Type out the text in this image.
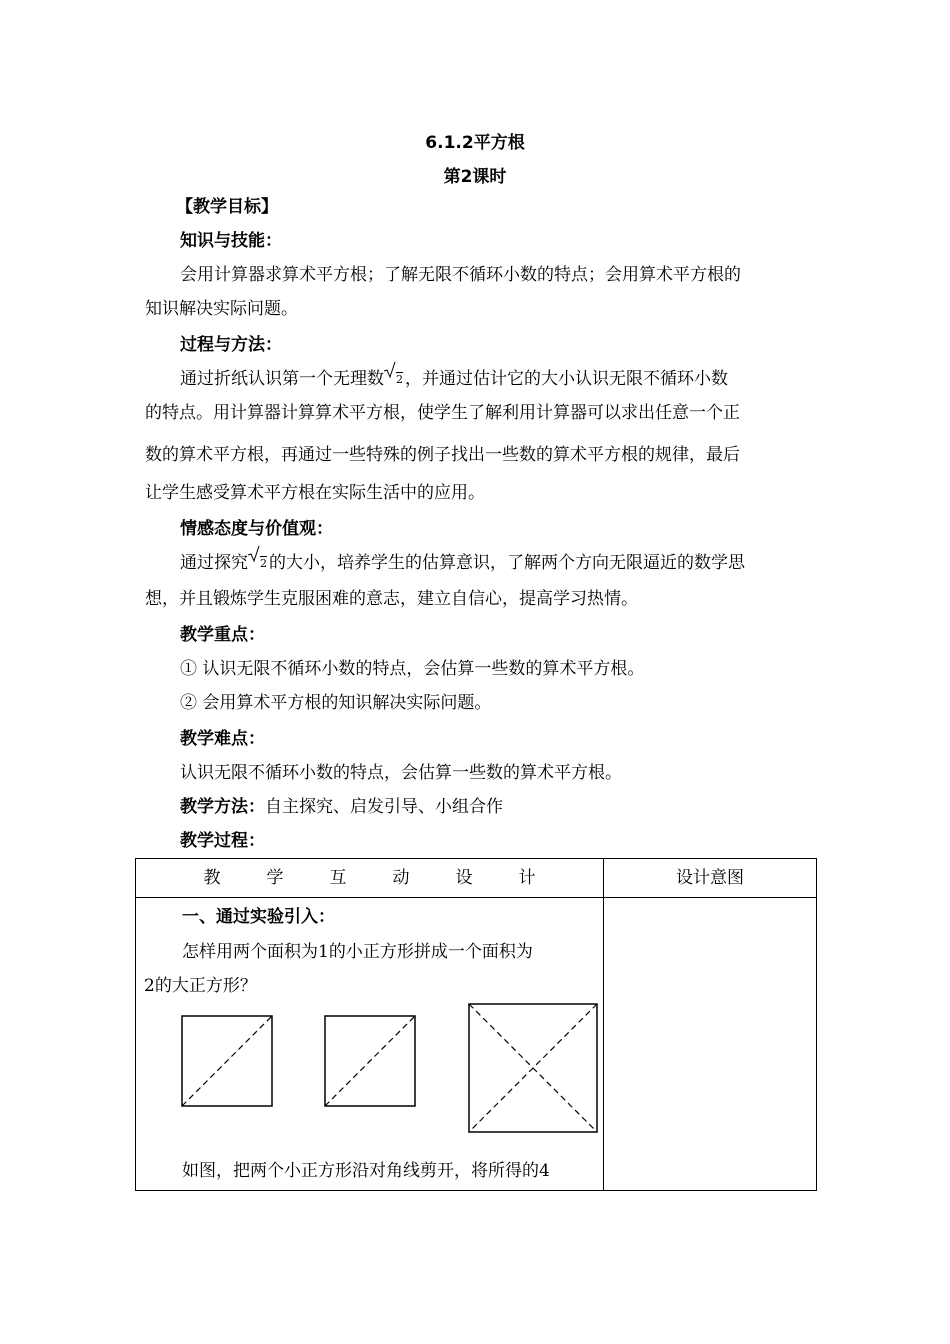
6.1.2平方根
第2课时
【教学目标】
知识与技能：
会用计算器求算术平方根；了解无限不循环小数的特点；会用算术平方根的
知识解决实际问题。
过程与方法：
通过折纸认识第一个无理数 2 ，并通过估计它的大小认识无限不循环小数
的特点。用计算器计算算术平方根，使学生了解利用计算器可以求出任意一个正
数的算术平方根，再通过一些特殊的例子找出一些数的算术平方根的规律，最后
让学生感受算术平方根在实际生活中的应用。
情感态度与价值观：
通过探究 2 的大小，培养学生的估算意识，了解两个方向无限逼近的数学思
想，并且锻炼学生克服困难的意志，建立自信心，提高学习热情。
教学重点：
① 认识无限不循环小数的特点，会估算一些数的算术平方根。
② 会用算术平方根的知识解决实际问题。
教学难点：
认识无限不循环小数的特点，会估算一些数的算术平方根。
教学方法：自主探究、启发引导、小组合作
教学过程：
教学互动设计	设计意图

一、通过实验引入：
怎样用两个面积为1的小正方形拼成一个面积为
2的大正方形？
如图，把两个小正方形沿对角线剪开，将所得的4	
